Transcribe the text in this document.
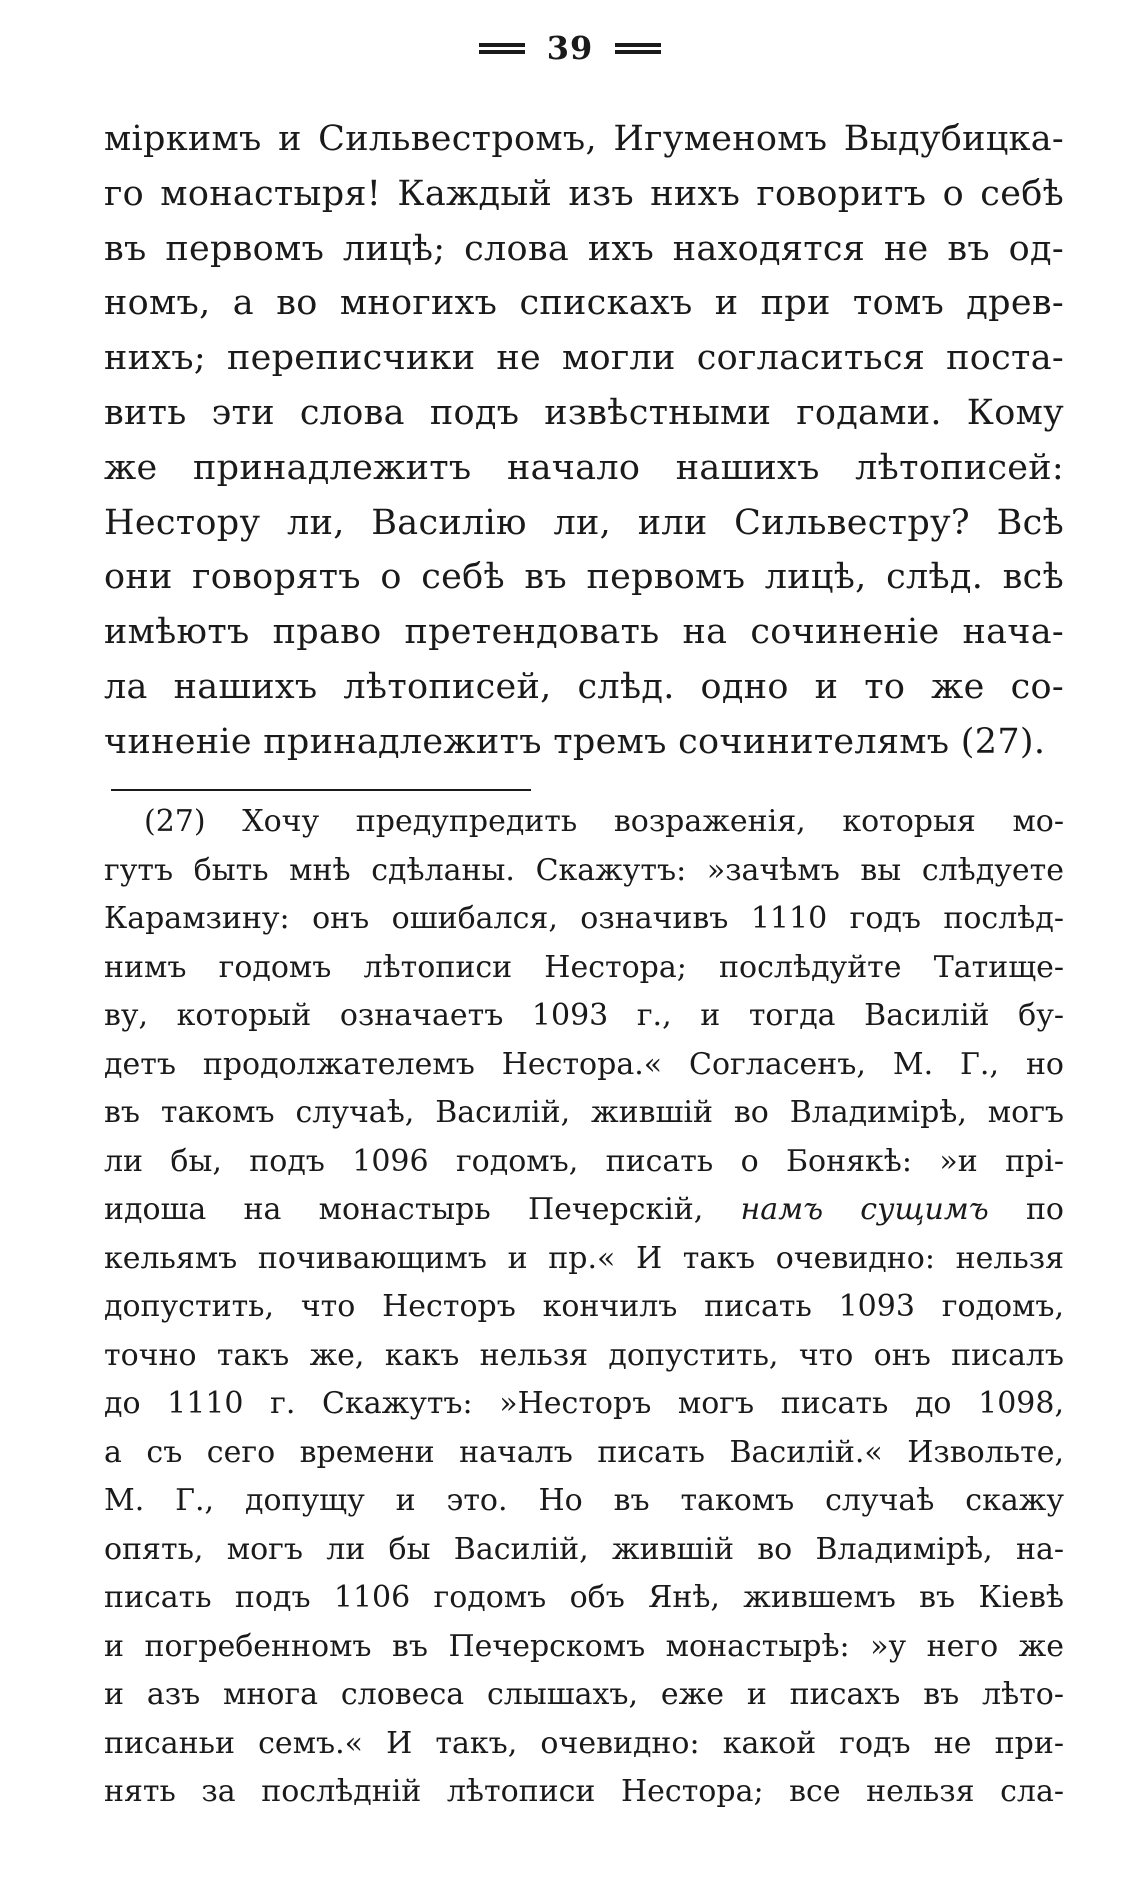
39
міркимъ и Сильвестромъ, Игуменомъ Выдубицка-
го монастыря! Каждый изъ нихъ говоритъ о себѣ
въ первомъ лицѣ; слова ихъ находятся не въ од-
номъ, а во многихъ спискахъ и при томъ древ-
нихъ; переписчики не могли согласиться поста-
вить эти слова подъ извѣстными годами. Кому
же принадлежитъ начало нашихъ лѣтописей:
Нестору ли, Василію ли, или Сильвестру? Всѣ
они говорятъ о себѣ въ первомъ лицѣ, слѣд. всѣ
имѣютъ право претендовать на сочиненіе нача-
ла нашихъ лѣтописей, слѣд. одно и то же со-
чиненіе принадлежитъ тремъ сочинителямъ (27).
(27) Хочу предупредить возраженія, которыя мо-
гутъ быть мнѣ сдѣланы. Скажутъ: »зачѣмъ вы слѣдуете
Карамзину: онъ ошибался, означивъ 1110 годъ послѣд-
нимъ годомъ лѣтописи Нестора; послѣдуйте Татище-
ву, который означаетъ 1093 г., и тогда Василій бу-
детъ продолжателемъ Нестора.« Согласенъ, М. Г., но
въ такомъ случаѣ, Василій, жившій во Владимірѣ, могъ
ли бы, подъ 1096 годомъ, писать о Бонякѣ: »и прі-
идоша на монастырь Печерскій, намъ сущимъ по
кельямъ почивающимъ и пр.« И такъ очевидно: нельзя
допустить, что Несторъ кончилъ писать 1093 годомъ,
точно такъ же, какъ нельзя допустить, что онъ писалъ
до 1110 г. Скажутъ: »Несторъ могъ писать до 1098,
а съ сего времени началъ писать Василій.« Извольте,
М. Г., допущу и это. Но въ такомъ случаѣ скажу
опять, могъ ли бы Василій, жившій во Владимірѣ, на-
писать подъ 1106 годомъ объ Янѣ, жившемъ въ Кіевѣ
и погребенномъ въ Печерскомъ монастырѣ: »у него же
и азъ многа словеса слышахъ, еже и писахъ въ лѣто-
писаньи семъ.« И такъ, очевидно: какой годъ не при-
нять за послѣдній лѣтописи Нестора; все нельзя сла-
